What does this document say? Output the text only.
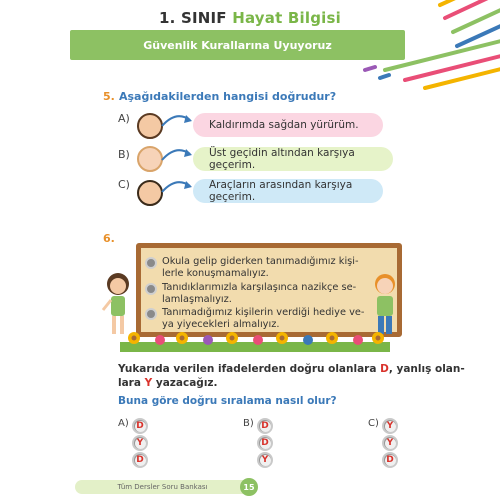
1. SINIF Hayat Bilgisi
Güvenlik Kurallarına Uyuyoruz
5. Aşağıdakilerden hangisi doğrudur?
A)	Kaldırımda sağdan yürürüm.
B)	Üst geçidin altından karşıya geçerim.
C)	Araçların arasından karşıya geçerim.
6.
Okula gelip giderken tanımadığımız kişi-
lerle konuşmamalıyız.
Tanıdıklarımızla karşılaşınca nazikçe se-
lamlaşmalıyız.
Tanımadığımız kişilerin verdiği hediye ve-
ya yiyecekleri almalıyız.
Yukarıda verilen ifadelerden doğru olanlara D, yanlış olan-
lara Y yazacağız.
Buna göre doğru sıralama nasıl olur?
A) D
Y
D
B) D
D
Y
C) Y
Y
D
Tüm Dersler Soru Bankası	15
